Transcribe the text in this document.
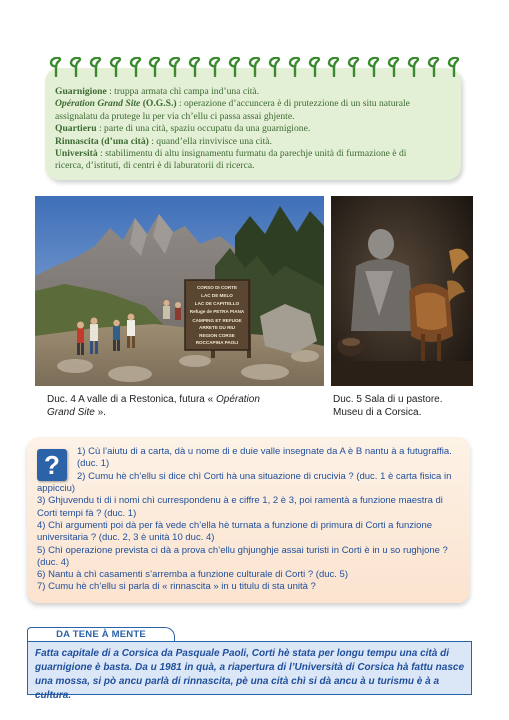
Guarnigione : truppa armata chì campa ind’una cità.

Opération Grand Site (O.G.S.) : operazione d’accuncera è di prutezzione di un situ naturale

assignalatu da prutege lu per via ch’ellu ci passa assai ghjente.

Quartieru : parte di una cità, spaziu occupatu da una guarnigione.

Rinnascita (d’una cità) : quand’ella rinvivisce una cità.

Università : stabilimentu di altu insignamentu furmatu da parechje unità di furmazione è di

ricerca, d’istituti, di centri è di laburatorii di ricerca.

CORSO DI CORTE
LAC DE MELO
LAC DE CAPITELLO
Refuge de PETRA PIANA
CAMPING ET REFUGE
ARRETE DU RIU
REGION CORSE
ROCCAPINA PAOLI
Duc. 4 A valle di a Restonica, futura « Opération Grand Site ».
Duc. 5 Sala di u pastore.
Museu di a Corsica.
?	1) Cù l’aiutu di a carta, dà u nome di e duie valle insegnate da A è B nantu à a futugraffia.

(duc. 1)

2) Cumu hè ch’ellu si dice chì Corti hà una situazione di crucivia ? (duc. 1 è carta fisica in

appicciu)

3) Ghjuvendu ti di i nomi chì currespondenu à e ciffre 1, 2 è 3, poi ramentà a funzione maestra di

Corti tempi fà ? (duc. 1)

4) Chì argumenti poi dà per fà vede ch’ella hè turnata a funzione di primura di Corti a funzione

universitaria ? (duc. 2, 3 è unità 10 duc. 4)

5) Chì operazione prevista ci dà a prova ch’ellu ghjunghje assai turisti in Corti è in u so rughjone ?

(duc. 4)

6) Nantu à chì casamenti s’arremba a funzione culturale di Corti ? (duc. 5)

7) Cumu hè ch’ellu si parla di « rinnascita » in u titulu di sta unità ?

DA TENE À MENTE
Fatta capitale di a Corsica da Pasquale Paoli, Corti hè stata per longu tempu una cità di guarnigione è basta. Da u 1981 in quà, a riapertura di l’Università di Corsica hà fattu nasce una mossa, si pò ancu parlà di rinnascita, pè una cità chì si dà ancu à u turismu è à a cultura.
